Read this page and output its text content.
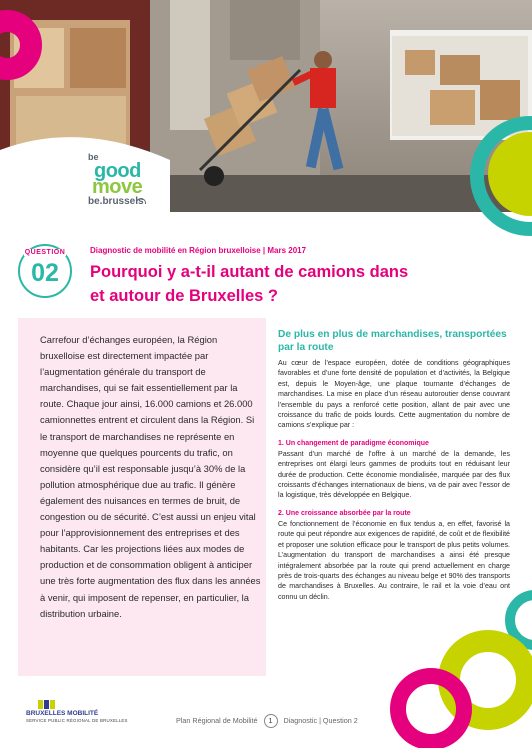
be
good
move
be.brussels
QUESTION
02
Diagnostic de mobilité en Région bruxelloise | Mars 2017
Pourquoi y a-t-il autant de camions dans et autour de Bruxelles ?
Carrefour d’échanges européen, la Région bruxelloise est directement impactée par l’augmentation générale du transport de marchandises, qui se fait essentiellement par la route. Chaque jour ainsi, 16.000 camions et 26.000 camionnettes entrent et circulent dans la Région. Si le transport de marchandises ne représente en moyenne que quelques pourcents du trafic, on considère qu’il est responsable jusqu’à 30% de la pollution atmosphérique due au trafic. Il génère également des nuisances en termes de bruit, de congestion ou de sécurité. C’est aussi un enjeu vital pour l’approvisionnement des entreprises et des habitants. Car les projections liées aux modes de production et de consommation obligent à anticiper une très forte augmentation des flux dans les années à venir, qui imposent de repenser, en particulier, la distribution urbaine.
De plus en plus de marchandises, transportées par la route
Au cœur de l’espace européen, dotée de conditions géographiques favorables et d’une forte densité de population et d’activités, la Belgique est, depuis le Moyen-âge, une plaque tournante d’échanges de marchandises. La mise en place d’un réseau autoroutier dense couvrant l’ensemble du pays a renforcé cette position, allant de pair avec une croissance du trafic de poids lourds. Cette augmentation du nombre de camions s’explique par :
1. Un changement de paradigme économique
Passant d’un marché de l’offre à un marché de la demande, les entreprises ont élargi leurs gammes de produits tout en réduisant leur durée de production. Cette économie mondialisée, marquée par des flux croissants d’échanges internationaux de biens, va de pair avec l’essor de la logistique, très développée en Belgique.
2. Une croissance absorbée par la route
Ce fonctionnement de l’économie en flux tendus a, en effet, favorisé la route qui peut répondre aux exigences de rapidité, de coût et de flexibilité et proposer une solution efficace pour le transport de plus petits volumes. L’augmentation du transport de marchandises a ainsi été presque intégralement absorbée par la route qui prend actuellement en charge près de trois-quarts des échanges au niveau belge et 90% des transports de marchandises à Bruxelles. Au contraire, le rail et la voie d’eau ont connu un déclin.
BRUXELLES MOBILITÉ
SERVICE PUBLIC RÉGIONAL DE BRUXELLES	Plan Régional de Mobilité 1 Diagnostic | Question 2
